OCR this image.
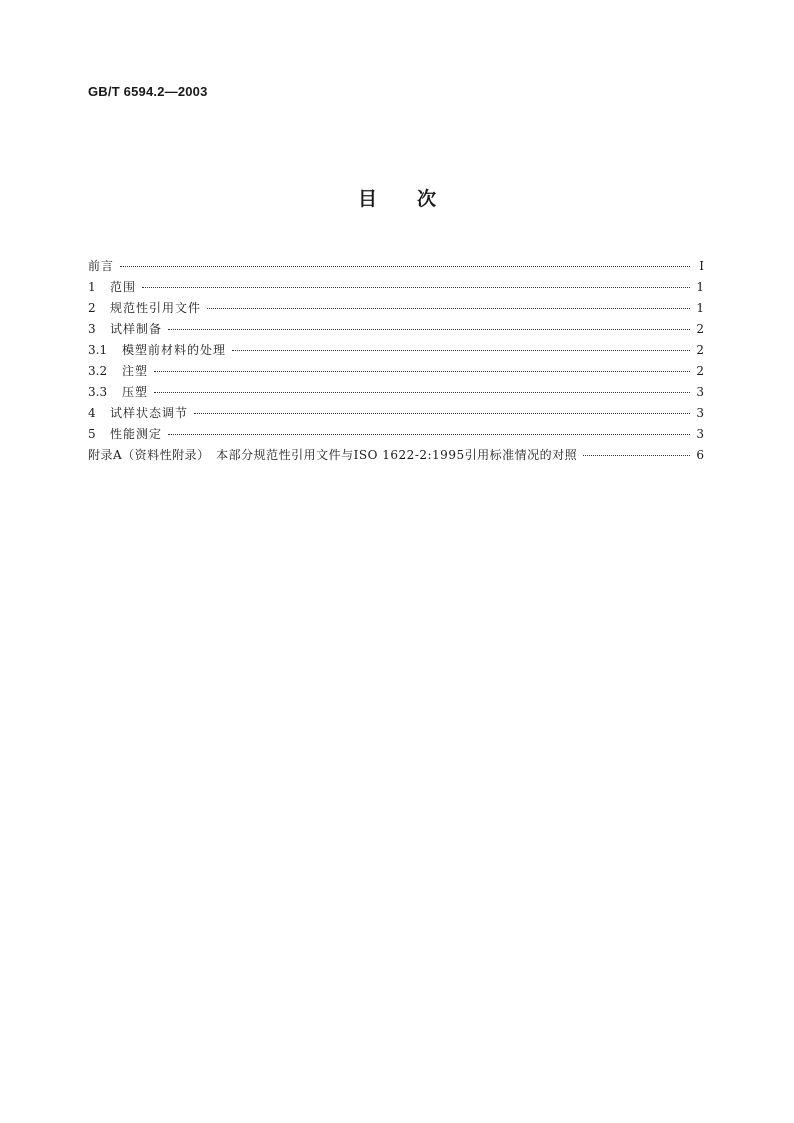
GB/T 6594.2—2003
目次
前言	I
1	范围	1
2	规范性引用文件	1
3	试样制备	2
3.1	模塑前材料的处理	2
3.2	注塑	2
3.3	压塑	3
4	试样状态调节	3
5	性能测定	3
附录A（资料性附录）　本部分规范性引用文件与ISO 1622-2:1995引用标准情况的对照	6
